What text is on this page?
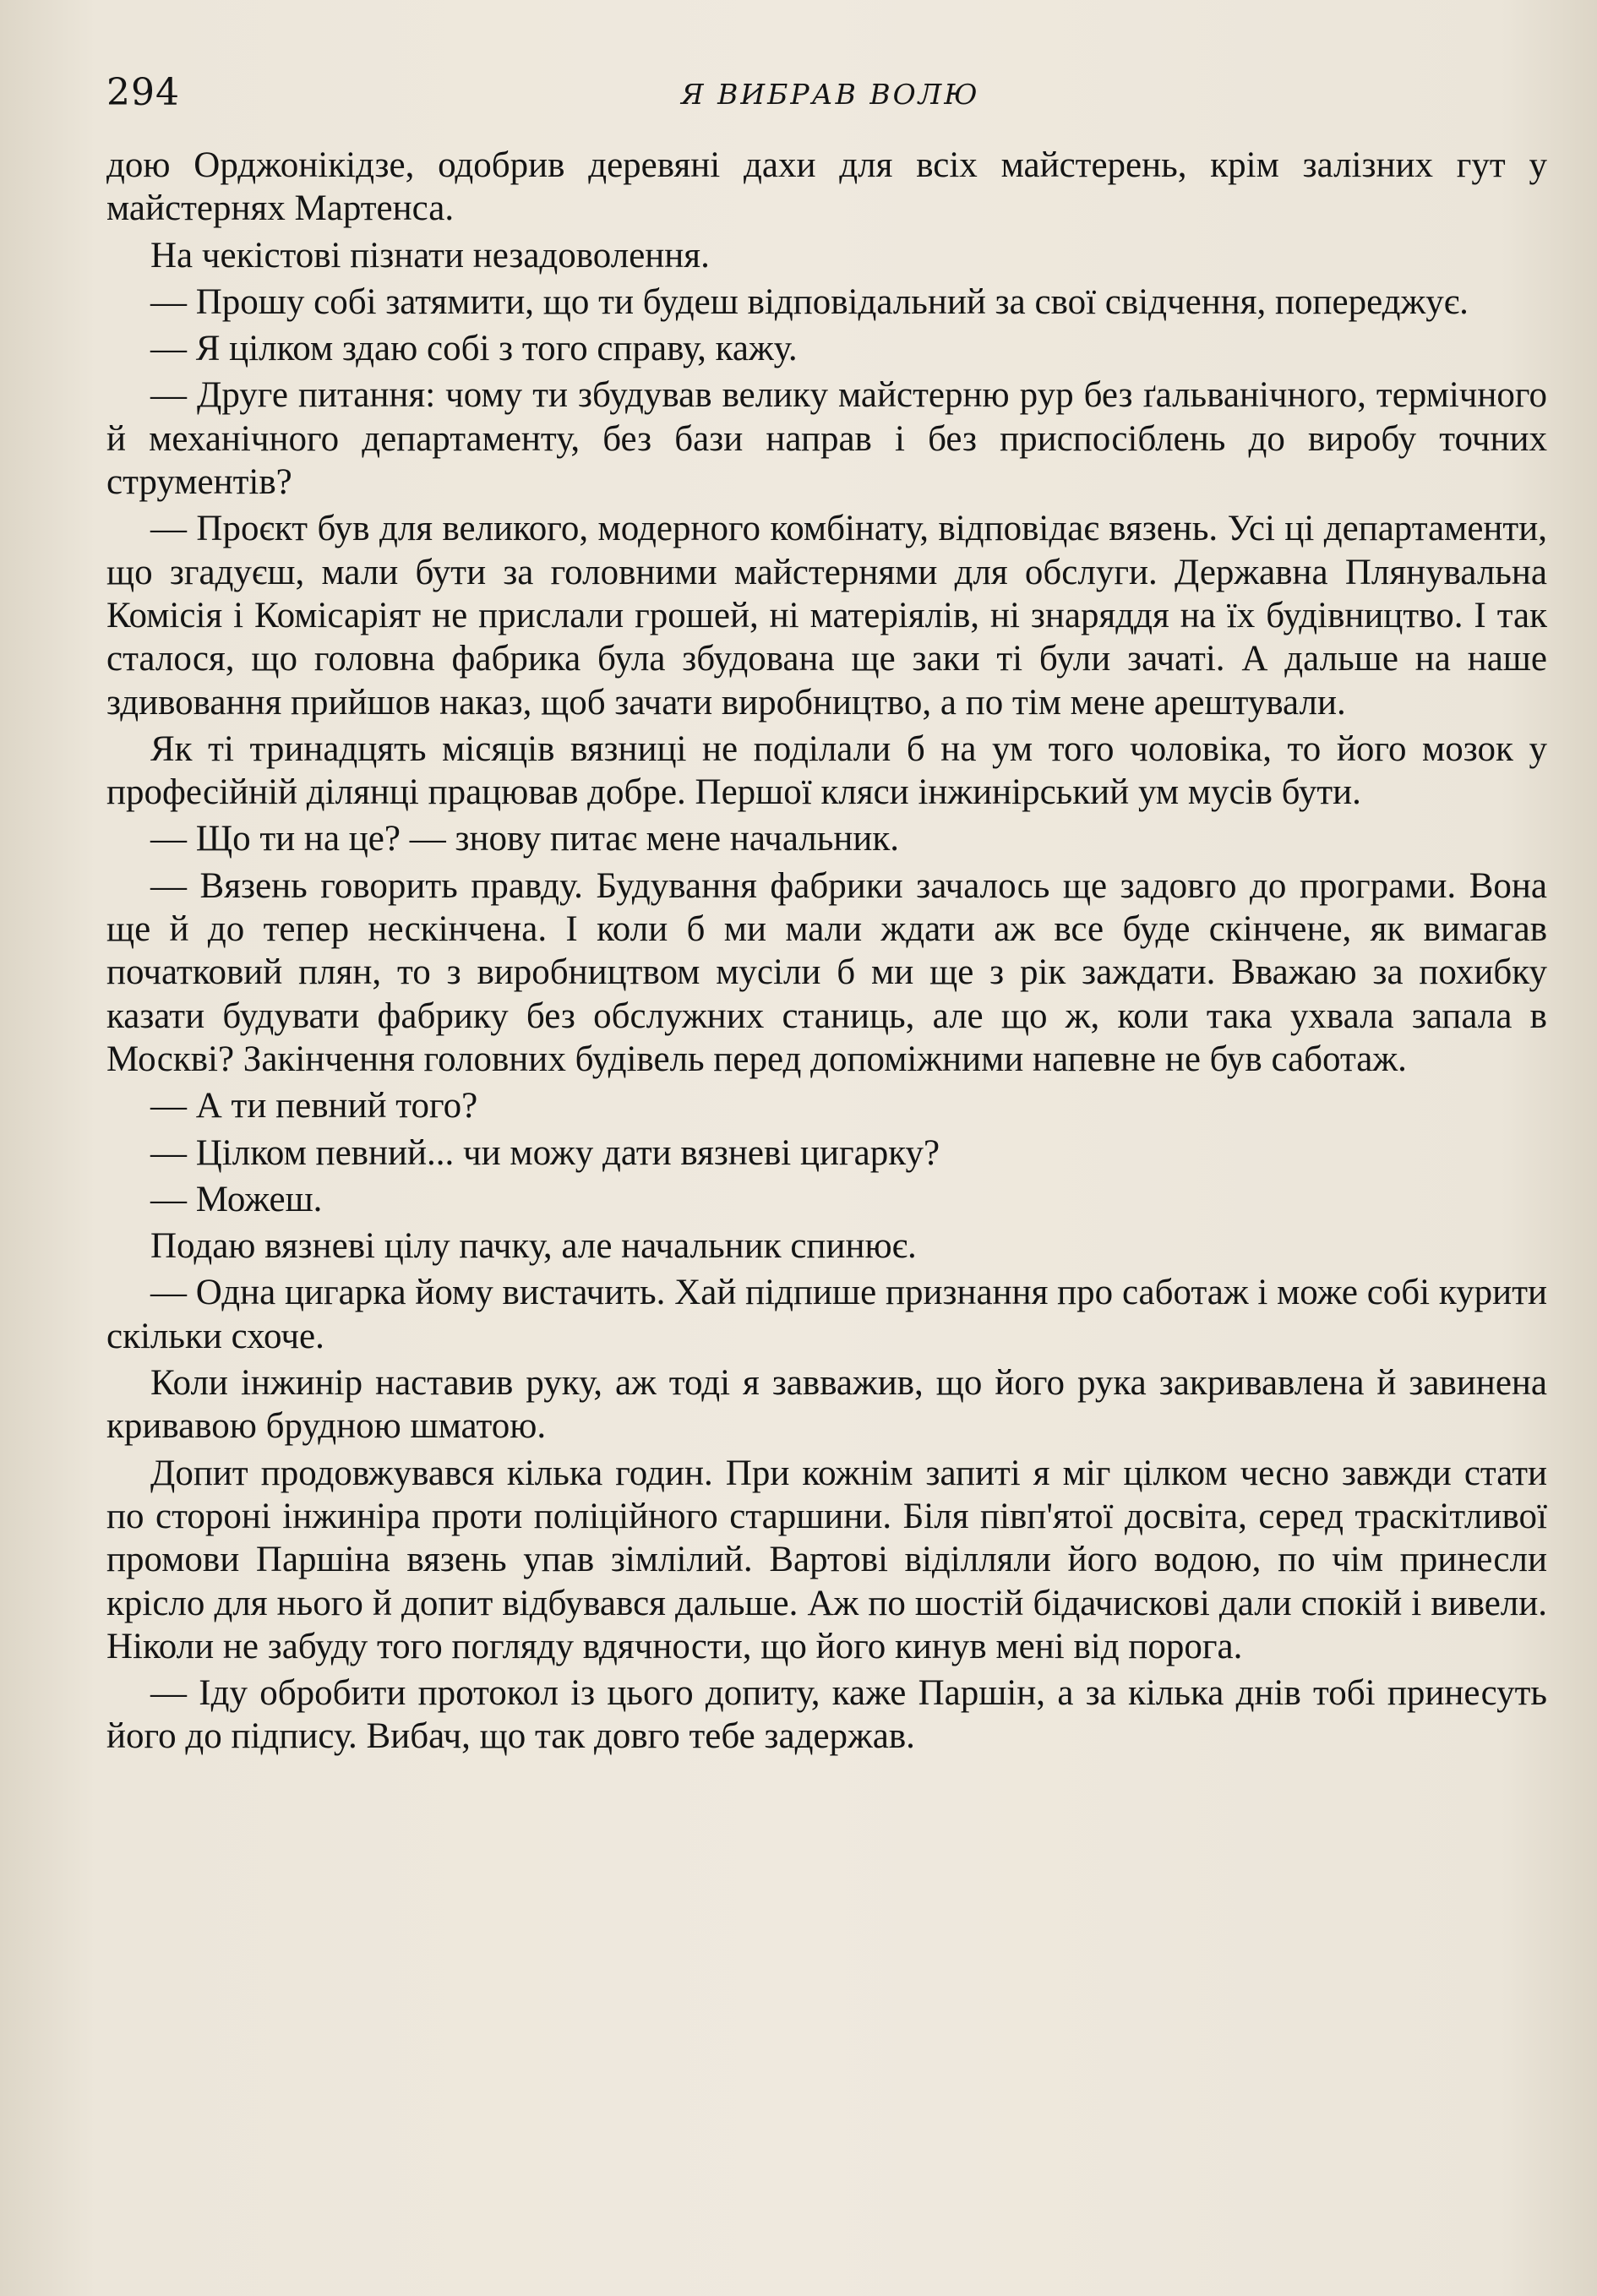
294	Я ВИБРАВ ВОЛЮ

дою Орджонікідзе, одобрив деревяні дахи для всіх майстерень, крім залізних гут у майстернях Мартенса.

На чекістові пізнати незадоволення.

— Прошу собі затямити, що ти будеш відповідальний за свої свідчення, попереджує.

— Я цілком здаю собі з того справу, кажу.

— Друге питання: чому ти збудував велику майстерню рур без ґальванічного, термічного й механічного департаменту, без бази направ і без приспосіблень до виробу точних струментів?

— Проєкт був для великого, модерного комбінату, відповідає вязень. Усі ці департаменти, що згадуєш, мали бути за головними майстернями для обслуги. Державна Плянувальна Комісія і Комісаріят не прислали грошей, ні матеріялів, ні знаряддя на їх будівництво. І так сталося, що головна фабрика була збудована ще заки ті були зачаті. А дальше на наше здивовання прийшов наказ, щоб зачати виробництво, а по тім мене арештували.

Як ті тринадцять місяців вязниці не поділали б на ум того чоловіка, то його мозок у професійній ділянці працював добре. Першої кляси інжинірський ум мусів бути.

— Що ти на це? — знову питає мене начальник.

— Вязень говорить правду. Будування фабрики зачалось ще задовго до програми. Вона ще й до тепер нескінчена. І коли б ми мали ждати аж все буде скінчене, як вимагав початковий плян, то з виробництвом мусіли б ми ще з рік заждати. Вважаю за похибку казати будувати фабрику без обслужних станиць, але що ж, коли така ухвала запала в Москві? Закінчення головних будівель перед допоміжними напевне не був саботаж.

— А ти певний того?

— Цілком певний... чи можу дати вязневі цигарку?

— Можеш.

Подаю вязневі цілу пачку, але начальник спинює.

— Одна цигарка йому вистачить. Хай підпише признання про саботаж і може собі курити скільки схоче.

Коли інжинір наставив руку, аж тоді я завважив, що його рука закривавлена й завинена кривавою брудною шматою.

Допит продовжувався кілька годин. При кожнім запиті я міг цілком чесно завжди стати по стороні інжиніра проти поліційного старшини. Біля півп'ятої досвіта, серед траскітливої промови Паршіна вязень упав зімлілий. Вартові віділляли його водою, по чім принесли крісло для нього й допит відбувався дальше. Аж по шостій бідачискові дали спокій і вивели. Ніколи не забуду того погляду вдячности, що його кинув мені від порога.

— Іду обробити протокол із цього допиту, каже Паршін, а за кілька днів тобі принесуть його до підпису. Вибач, що так довго тебе задержав.
